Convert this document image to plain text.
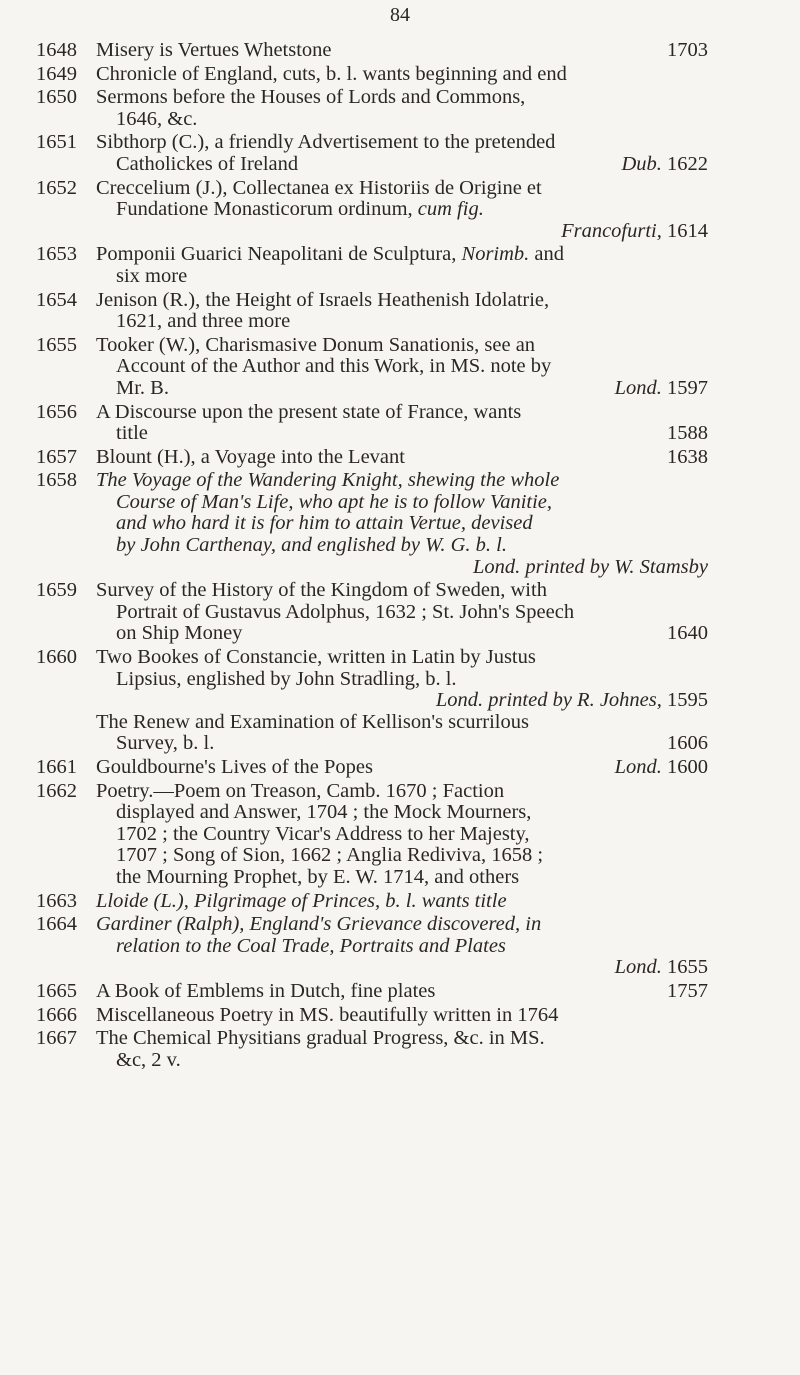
84
1648 Misery is Vertues Whetstone	1703
1649 Chronicle of England, cuts, b. l. wants beginning and end
1650 Sermons before the Houses of Lords and Commons,
1646, &c.
1651 Sibthorp (C.), a friendly Advertisement to the pretended
Catholickes of Ireland	Dub. 1622
1652 Creccelium (J.), Collectanea ex Historiis de Origine et
Fundatione Monasticorum ordinum, cum fig.
Francofurti, 1614
1653 Pomponii Guarici Neapolitani de Sculptura, Norimb. and
six more
1654 Jenison (R.), the Height of Israels Heathenish Idolatrie,
1621, and three more
1655 Tooker (W.), Charismasive Donum Sanationis, see an
Account of the Author and this Work, in MS. note by
Mr. B.	Lond. 1597
1656 A Discourse upon the present state of France, wants
title	1588
1657 Blount (H.), a Voyage into the Levant	1638
1658 The Voyage of the Wandering Knight, shewing the whole
Course of Man's Life, who apt he is to follow Vanitie,
and who hard it is for him to attain Vertue, devised
by John Carthenay, and englished by W. G. b. l.
Lond. printed by W. Stamsby
1659 Survey of the History of the Kingdom of Sweden, with
Portrait of Gustavus Adolphus, 1632 ; St. John's Speech
on Ship Money	1640
1660 Two Bookes of Constancie, written in Latin by Justus
Lipsius, englished by John Stradling, b. l.
Lond. printed by R. Johnes, 1595
The Renew and Examination of Kellison's scurrilous
Survey, b. l.	1606
1661 Gouldbourne's Lives of the Popes	Lond. 1600
1662 Poetry.—Poem on Treason, Camb. 1670 ; Faction
displayed and Answer, 1704 ; the Mock Mourners,
1702 ; the Country Vicar's Address to her Majesty,
1707 ; Song of Sion, 1662 ; Anglia Rediviva, 1658 ;
the Mourning Prophet, by E. W. 1714, and others
1663 Lloide (L.), Pilgrimage of Princes, b. l. wants title
1664 Gardiner (Ralph), England's Grievance discovered, in
relation to the Coal Trade, Portraits and Plates
Lond. 1655
1665 A Book of Emblems in Dutch, fine plates	1757
1666 Miscellaneous Poetry in MS. beautifully written in 1764
1667 The Chemical Physitians gradual Progress, &c. in MS.
&c, 2 v.
